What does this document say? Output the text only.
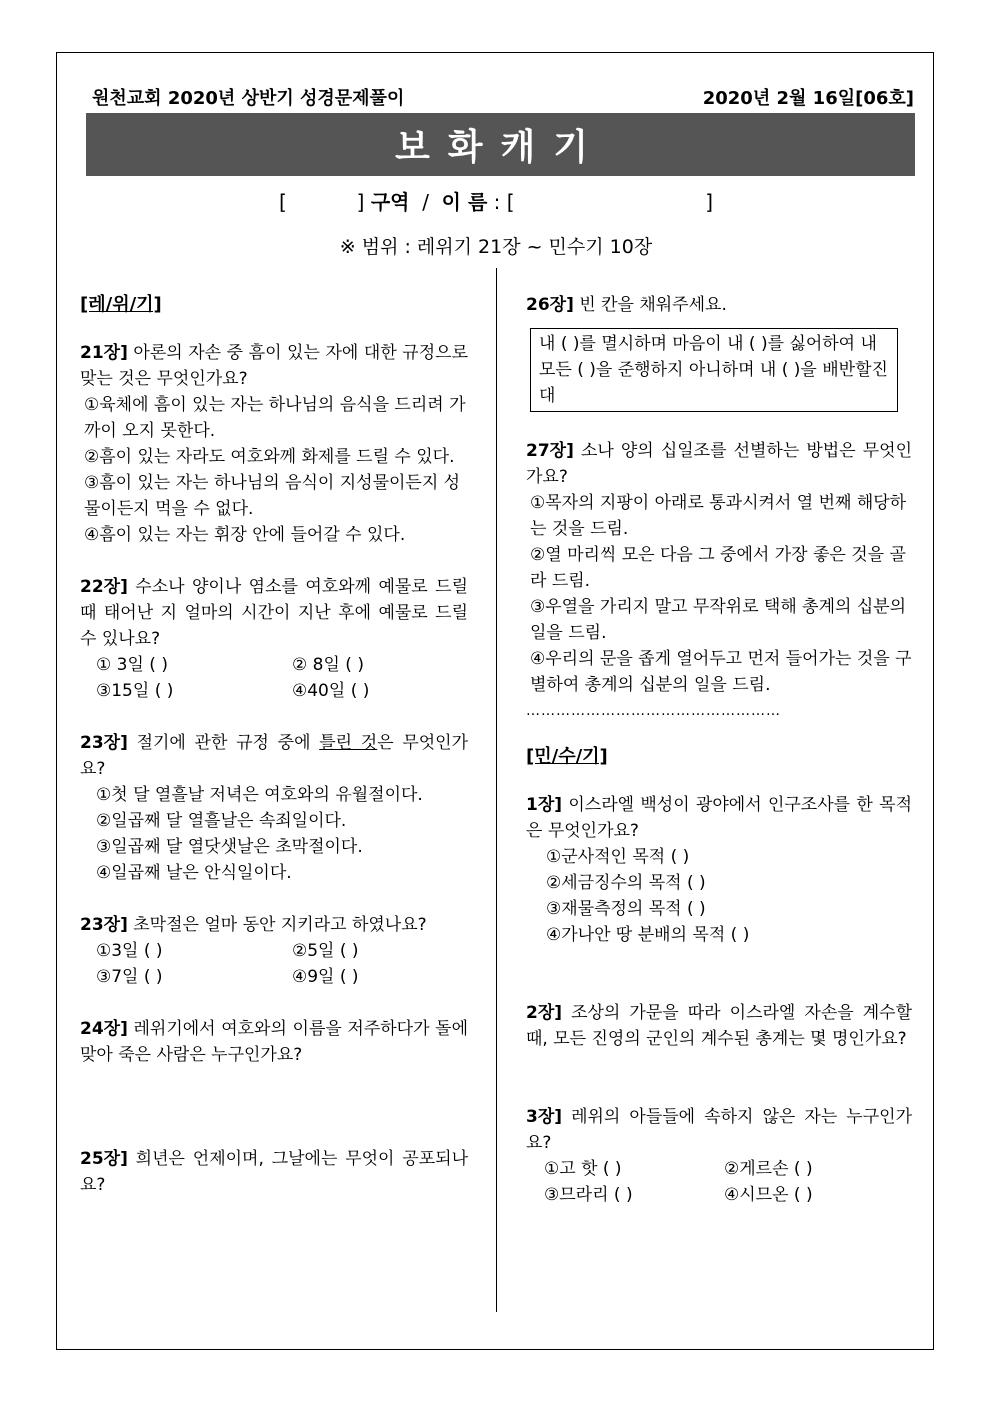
원천교회 2020년 상반기 성경문제풀이	2020년 2월 16일[06호]
보화캐기
[           ] 구역  /  이 름 : [                              ]
※ 범위 : 레위기 21장 ~ 민수기 10장
[레/위/기]

21장] 아론의 자손 중 흠이 있는 자에 대한 규정으로 맞는 것은 무엇인가요?

①육체에 흠이 있는 자는 하나님의 음식을 드리려 가까이 오지 못한다.

②흠이 있는 자라도 여호와께 화제를 드릴 수 있다.

③흠이 있는 자는 하나님의 음식이 지성물이든지 성물이든지 먹을 수 없다.

④흠이 있는 자는 휘장 안에 들어갈 수 있다.

22장] 수소나 양이나 염소를 여호와께 예물로 드릴 때 태어난 지 얼마의 시간이 지난 후에 예물로 드릴 수 있나요?

① 3일 ( )	② 8일 ( )
③15일 ( )	④40일 ( )

23장] 절기에 관한 규정 중에 틀린 것은 무엇인가요?

①첫 달 열흘날 저녁은 여호와의 유월절이다.

②일곱째 달 열흘날은 속죄일이다.

③일곱째 달 열닷샛날은 초막절이다.

④일곱째 날은 안식일이다.

23장] 초막절은 얼마 동안 지키라고 하였나요?

①3일 ( )	②5일 ( )
③7일 ( )	④9일 ( )

24장] 레위기에서 여호와의 이름을 저주하다가 돌에 맞아 죽은 사람은 누구인가요?

25장] 희년은 언제이며, 그날에는 무엇이 공포되나요?

26장] 빈 칸을 채워주세요.

내 ( )를 멸시하며 마음이 내 ( )를 싫어하여 내 모든 ( )을 준행하지 아니하며 내 ( )을 배반할진대

27장] 소나 양의 십일조를 선별하는 방법은 무엇인가요?

①목자의 지팡이 아래로 통과시켜서 열 번째 해당하는 것을 드림.

②열 마리씩 모은 다음 그 중에서 가장 좋은 것을 골라 드림.

③우열을 가리지 말고 무작위로 택해 총계의 십분의 일을 드림.

④우리의 문을 좁게 열어두고 먼저 들어가는 것을 구별하여 총계의 십분의 일을 드림.

……………………………………………
[민/수/기]

1장] 이스라엘 백성이 광야에서 인구조사를 한 목적은 무엇인가요?

①군사적인 목적 ( )

②세금징수의 목적 ( )

③재물측정의 목적 ( )

④가나안 땅 분배의 목적 ( )

2장] 조상의 가문을 따라 이스라엘 자손을 계수할 때, 모든 진영의 군인의 계수된 총계는 몇 명인가요?

3장] 레위의 아들들에 속하지 않은 자는 누구인가요?

①고 핫 ( )	②게르손 ( )
③므라리 ( )	④시므온 ( )
